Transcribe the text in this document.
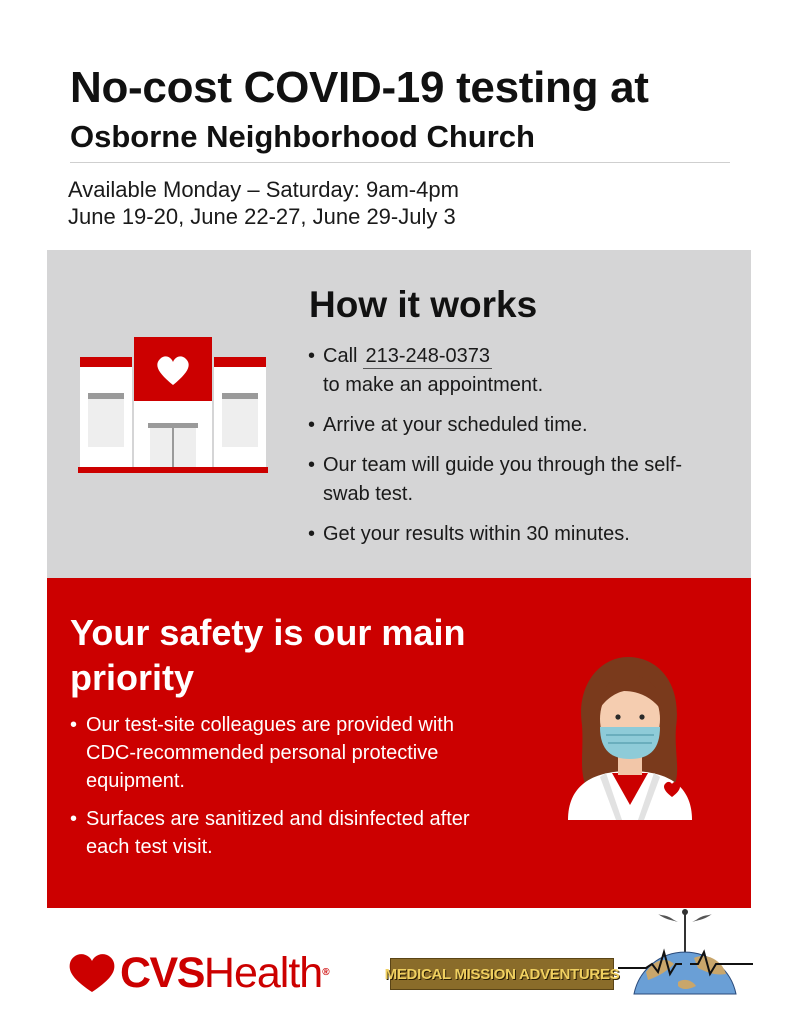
No-cost COVID-19 testing at
Osborne Neighborhood Church
Available Monday – Saturday: 9am-4pm
June 19-20, June 22-27, June 29-July 3
How it works
• Call 213-248-0373
to make an appointment.
• Arrive at your scheduled time.
• Our team will guide you through the self-swab test.
• Get your results within 30 minutes.
Your safety is our main priority
• Our test-site colleagues are provided with CDC-recommended personal protective equipment.
• Surfaces are sanitized and disinfected after each test visit.
CVSHealth®	MEDICAL MISSION ADVENTURES
